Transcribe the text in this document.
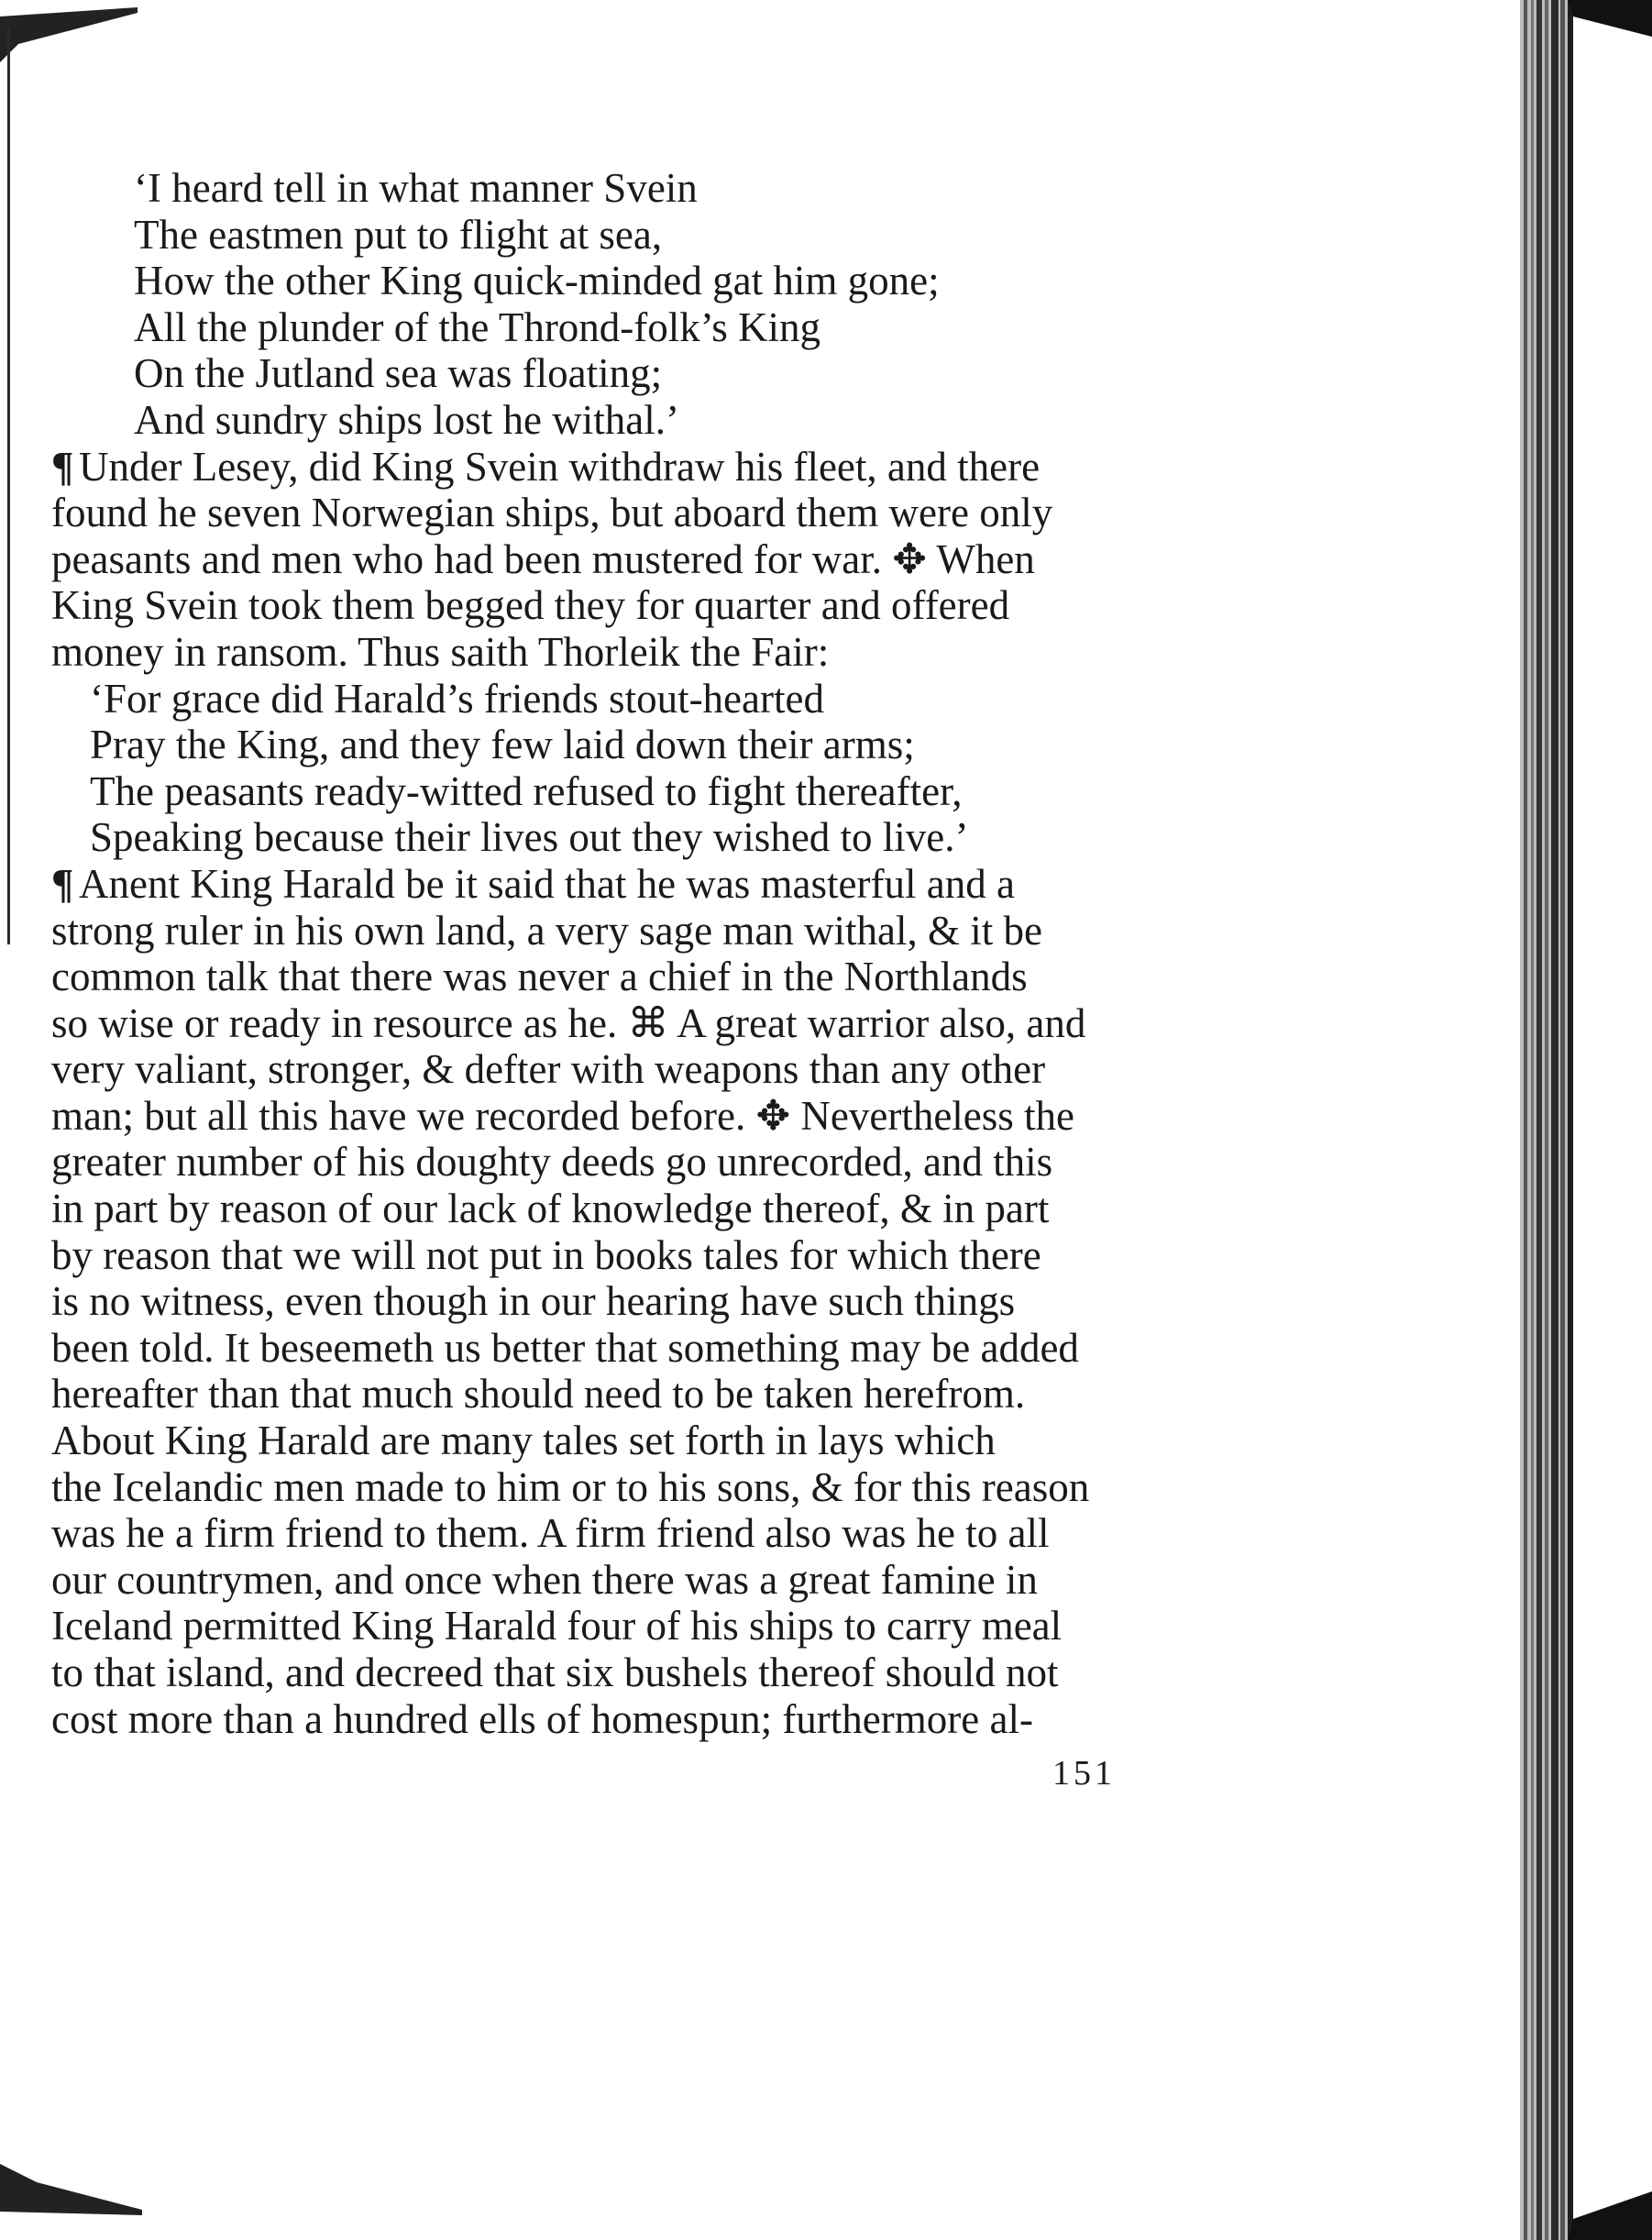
‘I heard tell in what manner Svein
The eastmen put to flight at sea,
How the other King quick-minded gat him gone;
All the plunder of the Thrond-folk’s King
On the Jutland sea was floating;
And sundry ships lost he withal.’
¶ Under Lesey, did King Svein withdraw his fleet, and there
found he seven Norwegian ships, but aboard them were only
peasants and men who had been mustered for war. ✥ When
King Svein took them begged they for quarter and offered
money in ransom. Thus saith Thorleik the Fair:
‘For grace did Harald’s friends stout-hearted
Pray the King, and they few laid down their arms;
The peasants ready-witted refused to fight thereafter,
Speaking because their lives out they wished to live.’
¶ Anent King Harald be it said that he was masterful and a
strong ruler in his own land, a very sage man withal, & it be
common talk that there was never a chief in the Northlands
so wise or ready in resource as he. ⌘ A great warrior also, and
very valiant, stronger, & defter with weapons than any other
man; but all this have we recorded before. ✥ Nevertheless the
greater number of his doughty deeds go unrecorded, and this
in part by reason of our lack of knowledge thereof, & in part
by reason that we will not put in books tales for which there
is no witness, even though in our hearing have such things
been told. It beseemeth us better that something may be added
hereafter than that much should need to be taken herefrom.
About King Harald are many tales set forth in lays which
the Icelandic men made to him or to his sons, & for this reason
was he a firm friend to them. A firm friend also was he to all
our countrymen, and once when there was a great famine in
Iceland permitted King Harald four of his ships to carry meal
to that island, and decreed that six bushels thereof should not
cost more than a hundred ells of homespun; furthermore al-
151
